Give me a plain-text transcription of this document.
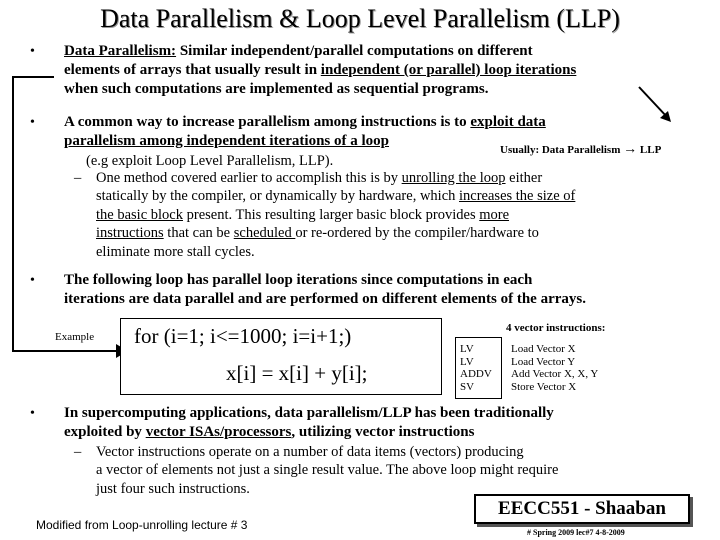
Data Parallelism & Loop Level Parallelism (LLP)
• Data Parallelism: Similar independent/parallel computations on different
elements of arrays that usually result in independent (or parallel) loop iterations
when such computations are implemented as sequential programs.
• A common way to increase parallelism among instructions is to exploit data
parallelism among independent iterations of a loop
(e.g exploit Loop Level Parallelism, LLP).
Usually: Data Parallelism → LLP
– One method covered earlier to accomplish this is by unrolling the loop either
statically by the compiler, or dynamically by hardware, which increases the size of
the basic block present. This resulting larger basic block provides more
instructions that can be scheduled or re-ordered by the compiler/hardware to
eliminate more stall cycles.
• The following loop has parallel loop iterations since computations in each
iterations are data parallel and are performed on different elements of the arrays.
Example for (i=1; i<=1000; i=i+1;)
x[i] = x[i] + y[i];
4 vector instructions:
LV
LV
ADDV
SV
Load Vector X
Load Vector Y
Add Vector X, X, Y
Store Vector X
• In supercomputing applications, data parallelism/LLP has been traditionally
exploited by vector ISAs/processors, utilizing vector instructions
– Vector instructions operate on a number of data items (vectors) producing
a vector of elements not just a single result value. The above loop might require
just four such instructions.
Modified from Loop-unrolling lecture # 3
EECC551 - Shaaban
# Spring 2009 lec#7 4-8-2009
